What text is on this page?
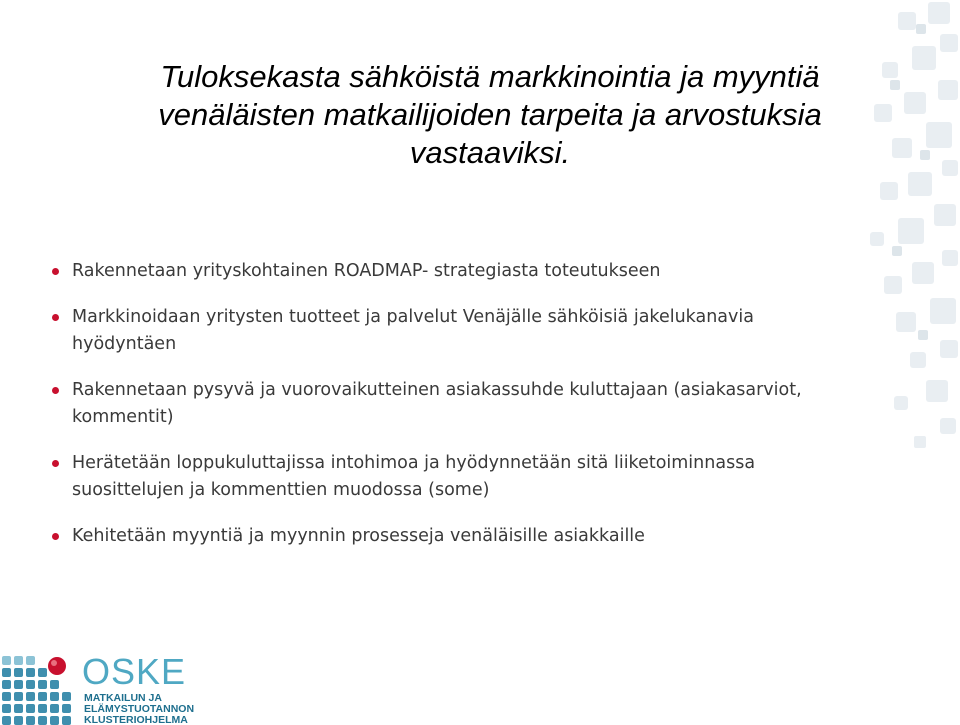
Tuloksekasta sähköistä markkinointia ja myyntiä
venäläisten matkailijoiden tarpeita ja arvostuksia
vastaaviksi.
Rakennetaan yrityskohtainen ROADMAP- strategiasta toteutukseen
Markkinoidaan yritysten tuotteet ja palvelut Venäjälle sähköisiä jakelukanavia
hyödyntäen
Rakennetaan pysyvä ja vuorovaikutteinen asiakassuhde kuluttajaan (asiakasarviot,
kommentit)
Herätetään loppukuluttajissa intohimoa ja hyödynnetään sitä liiketoiminnassa
suosittelujen ja kommenttien muodossa (some)
Kehitetään myyntiä ja myynnin prosesseja venäläisille asiakkaille
OSKE
MATKAILUN JA
ELÄMYSTUOTANNON
KLUSTERIOHJELMA
